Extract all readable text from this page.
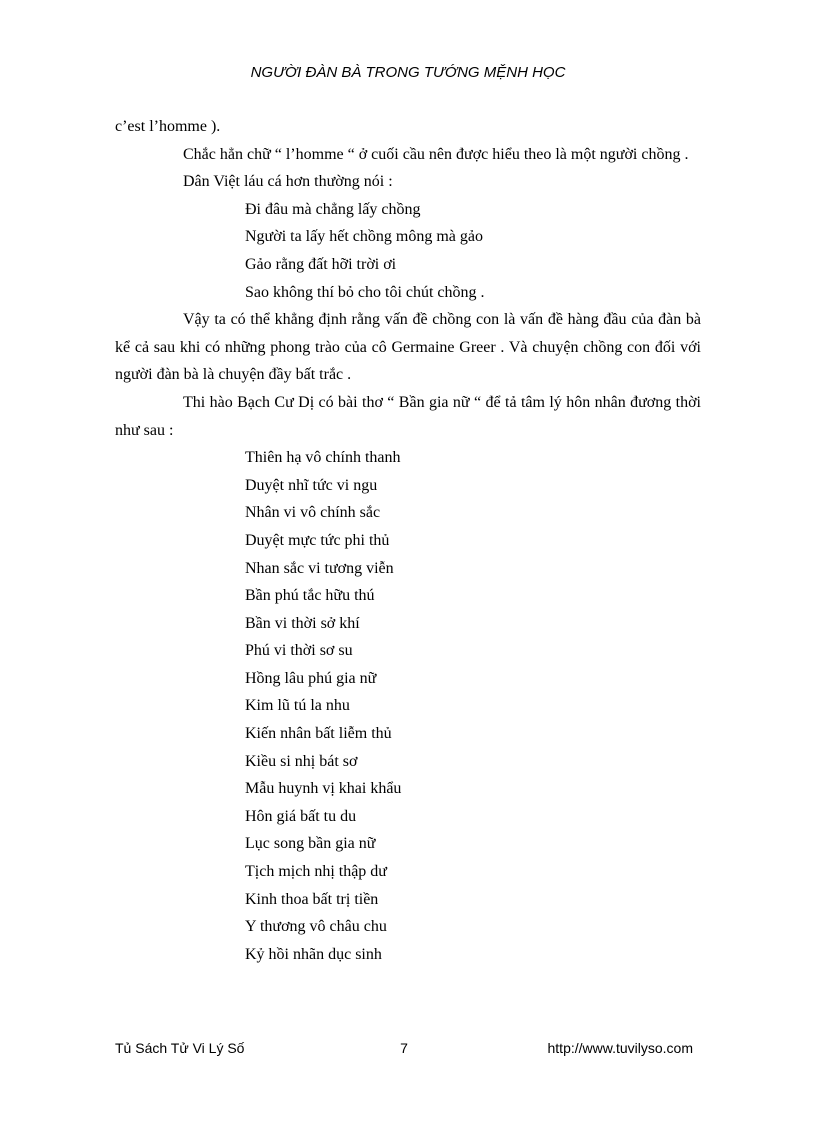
NGƯỜI ĐÀN BÀ TRONG TƯỚNG MỆNH HỌC

c’est l’homme ).

Chắc hẳn chữ “ l’homme “ ở cuối cầu nên được hiểu theo là một người chồng .

Dân Việt láu cá hơn thường nói :

Đi đâu mà chẳng lấy chồng
Người ta lấy hết chồng mông mà gảo
Gảo rằng đất hỡi trời ơi
Sao không thí bỏ cho tôi chút chồng .

Vậy ta có thể khẳng định rằng vấn đề chồng con là vấn đề hàng đầu của đàn bà kể cả sau khi có những phong trào của cô Germaine Greer . Và chuyện chồng con đối với người đàn bà là chuyện đầy bất trắc .

Thi hào Bạch Cư Dị có bài thơ “ Bần gia nữ “ để tả tâm lý hôn nhân đương thời như sau :

Thiên hạ vô chính thanh
Duyệt nhĩ tức vi ngu
Nhân vi vô chính sắc
Duyệt mực tức phi thủ
Nhan sắc vi tương viễn
Bần phú tắc hữu thú
Bần vi thời sở khí
Phú vi thời sơ su
Hồng lâu phú gia nữ
Kim lũ tú la nhu
Kiến nhân bất liễm thủ
Kiều si nhị bát sơ
Mẫu huynh vị khai khẩu
Hôn giá bất tu du
Lục song bần gia nữ
Tịch mịch nhị thập dư
Kinh thoa bất trị tiền
Y thương vô châu chu
Kỷ hồi nhãn dục sinh
Tủ Sách Tử Vi Lý Số	7	http://www.tuvilyso.com
